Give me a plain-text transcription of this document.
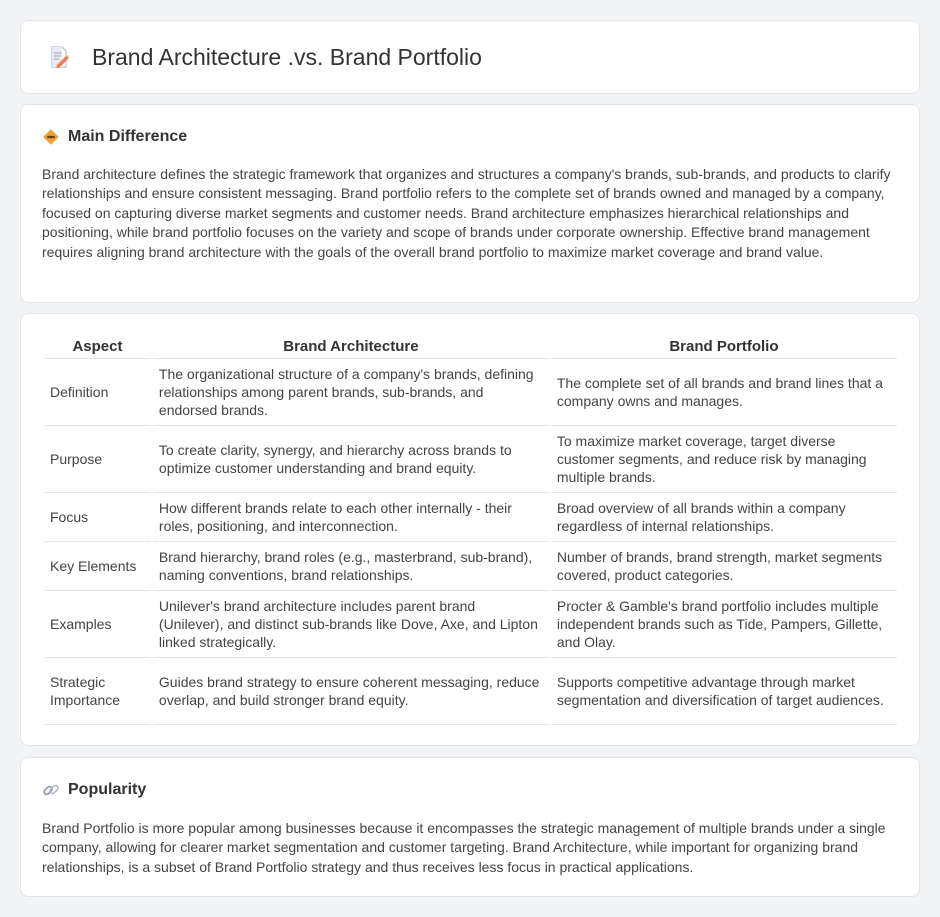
Brand Architecture .vs. Brand Portfolio
Main Difference

Brand architecture defines the strategic framework that organizes and structures a company's brands, sub-brands, and products to clarify relationships and ensure consistent messaging. Brand portfolio refers to the complete set of brands owned and managed by a company, focused on capturing diverse market segments and customer needs. Brand architecture emphasizes hierarchical relationships and positioning, while brand portfolio focuses on the variety and scope of brands under corporate ownership. Effective brand management requires aligning brand architecture with the goals of the overall brand portfolio to maximize market coverage and brand value.

Aspect	Brand Architecture	Brand Portfolio
Definition	The organizational structure of a company's brands, defining relationships among parent brands, sub-brands, and endorsed brands.	The complete set of all brands and brand lines that a company owns and manages.
Purpose	To create clarity, synergy, and hierarchy across brands to optimize customer understanding and brand equity.	To maximize market coverage, target diverse customer segments, and reduce risk by managing multiple brands.
Focus	How different brands relate to each other internally - their roles, positioning, and interconnection.	Broad overview of all brands within a company regardless of internal relationships.
Key Elements	Brand hierarchy, brand roles (e.g., masterbrand, sub-brand), naming conventions, brand relationships.	Number of brands, brand strength, market segments covered, product categories.
Examples	Unilever's brand architecture includes parent brand (Unilever), and distinct sub-brands like Dove, Axe, and Lipton linked strategically.	Procter & Gamble's brand portfolio includes multiple independent brands such as Tide, Pampers, Gillette, and Olay.
Strategic Importance	Guides brand strategy to ensure coherent messaging, reduce overlap, and build stronger brand equity.	Supports competitive advantage through market segmentation and diversification of target audiences.
Popularity

Brand Portfolio is more popular among businesses because it encompasses the strategic management of multiple brands under a single company, allowing for clearer market segmentation and customer targeting. Brand Architecture, while important for organizing brand relationships, is a subset of Brand Portfolio strategy and thus receives less focus in practical applications.
